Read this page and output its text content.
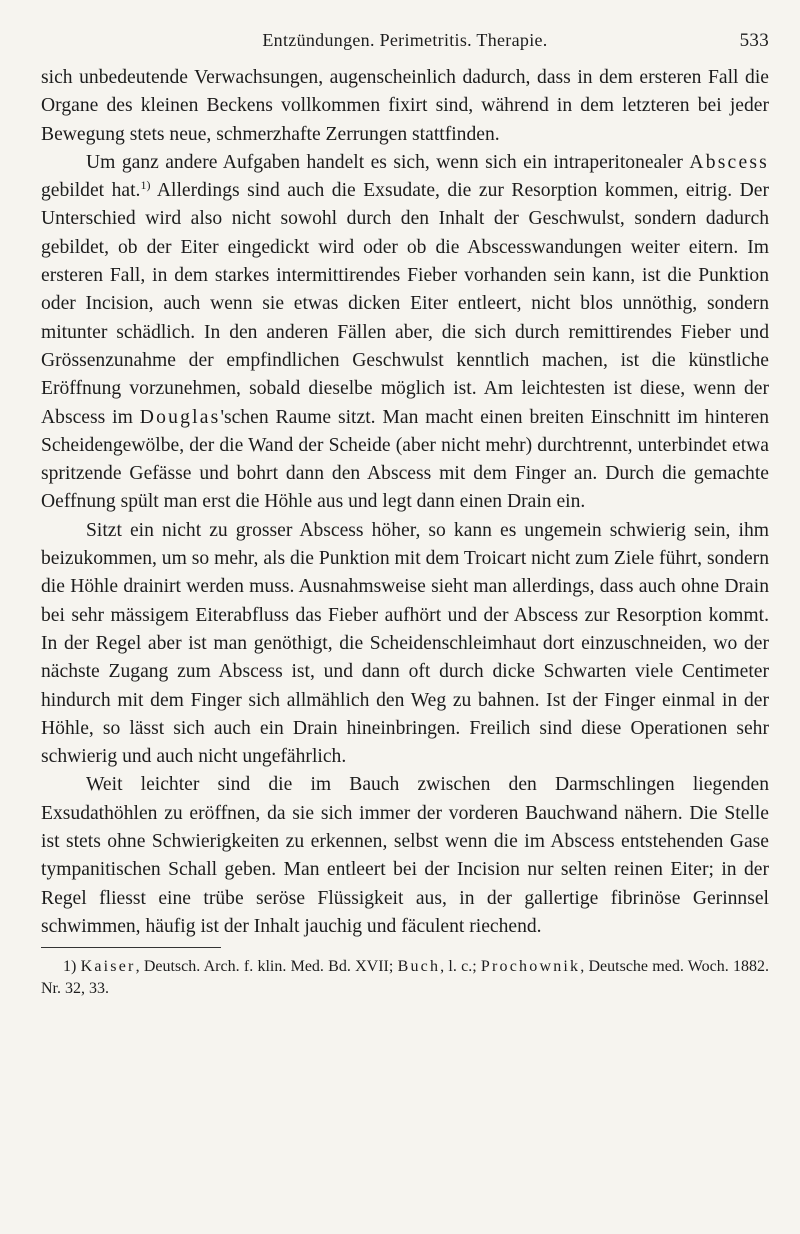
Entzündungen. Perimetritis. Therapie.	533

sich unbedeutende Verwachsungen, augenscheinlich dadurch, dass in dem ersteren Fall die Organe des kleinen Beckens vollkommen fixirt sind, während in dem letzteren bei jeder Bewegung stets neue, schmerzhafte Zerrungen stattfinden.

Um ganz andere Aufgaben handelt es sich, wenn sich ein intraperitonealer Abscess gebildet hat.$^{1)}$ Allerdings sind auch die Exsudate, die zur Resorption kommen, eitrig. Der Unterschied wird also nicht sowohl durch den Inhalt der Geschwulst, sondern dadurch gebildet, ob der Eiter eingedickt wird oder ob die Abscesswandungen weiter eitern. Im ersteren Fall, in dem starkes intermittirendes Fieber vorhanden sein kann, ist die Punktion oder Incision, auch wenn sie etwas dicken Eiter entleert, nicht blos unnöthig, sondern mitunter schädlich. In den anderen Fällen aber, die sich durch remittirendes Fieber und Grössenzunahme der empfindlichen Geschwulst kenntlich machen, ist die künstliche Eröffnung vorzunehmen, sobald dieselbe möglich ist. Am leichtesten ist diese, wenn der Abscess im Douglas'schen Raume sitzt. Man macht einen breiten Einschnitt im hinteren Scheidengewölbe, der die Wand der Scheide (aber nicht mehr) durchtrennt, unterbindet etwa spritzende Gefässe und bohrt dann den Abscess mit dem Finger an. Durch die gemachte Oeffnung spült man erst die Höhle aus und legt dann einen Drain ein.

Sitzt ein nicht zu grosser Abscess höher, so kann es ungemein schwierig sein, ihm beizukommen, um so mehr, als die Punktion mit dem Troicart nicht zum Ziele führt, sondern die Höhle drainirt werden muss. Ausnahmsweise sieht man allerdings, dass auch ohne Drain bei sehr mässigem Eiterabfluss das Fieber aufhört und der Abscess zur Resorption kommt. In der Regel aber ist man genöthigt, die Scheidenschleimhaut dort einzuschneiden, wo der nächste Zugang zum Abscess ist, und dann oft durch dicke Schwarten viele Centimeter hindurch mit dem Finger sich allmählich den Weg zu bahnen. Ist der Finger einmal in der Höhle, so lässt sich auch ein Drain hineinbringen. Freilich sind diese Operationen sehr schwierig und auch nicht ungefährlich.

Weit leichter sind die im Bauch zwischen den Darmschlingen liegenden Exsudathöhlen zu eröffnen, da sie sich immer der vorderen Bauchwand nähern. Die Stelle ist stets ohne Schwierigkeiten zu erkennen, selbst wenn die im Abscess entstehenden Gase tympanitischen Schall geben. Man entleert bei der Incision nur selten reinen Eiter; in der Regel fliesst eine trübe seröse Flüssigkeit aus, in der gallertige fibrinöse Gerinnsel schwimmen, häufig ist der Inhalt jauchig und fäculent riechend.

1) Kaiser, Deutsch. Arch. f. klin. Med. Bd. XVII; Buch, l. c.; Prochownik, Deutsche med. Woch. 1882. Nr. 32, 33.
